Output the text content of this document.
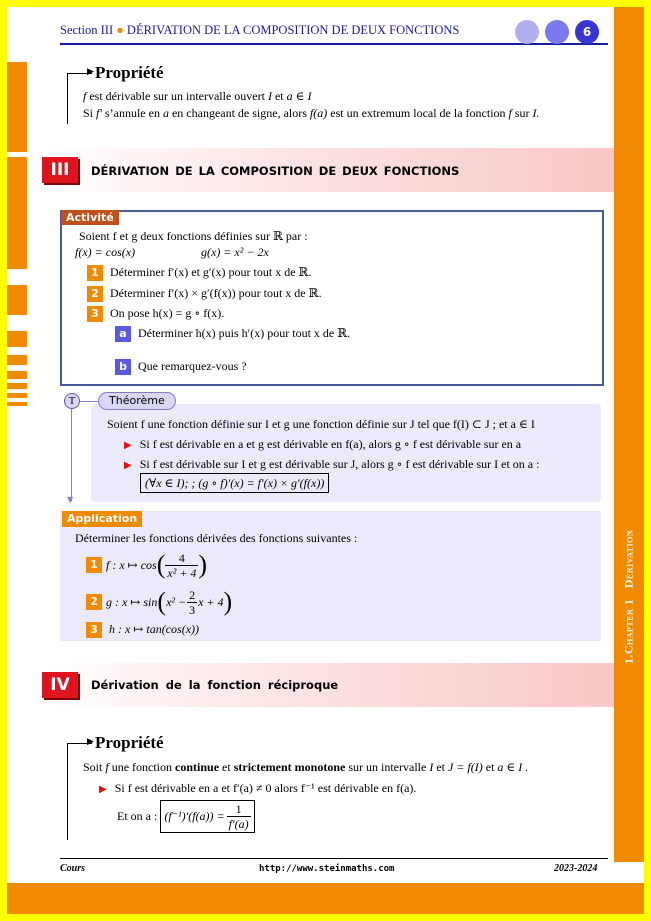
1.Chapter 1   Dérivation
Section III ● DÉRIVATION DE LA COMPOSITION DE DEUX FONCTIONS	6
▶ Propriété
f est dérivable sur un intervalle ouvert I et a ∈ I
Si f′ s’annule en a en changeant de signe, alors f(a) est un extremum local de la fonction f sur I.
III	DÉRIVATION DE LA COMPOSITION DE DEUX FONCTIONS
Activité
Soient f et g deux fonctions définies sur ℝ par :
f(x) = cos(x)	g(x) = x² − 2x
1 Déterminer f′(x) et g′(x) pour tout x de ℝ.
2 Déterminer f′(x) × g′(f(x)) pour tout x de ℝ.
3 On pose h(x) = g ∘ f(x).
a Déterminer h(x) puis h′(x) pour tout x de ℝ.
b Que remarquez-vous ?
▼
T	Théorème
Soient f une fonction définie sur I et g une fonction définie sur J tel que f(I) ⊂ J ; et a ∈ I
▶ Si f est dérivable en a et g est dérivable en f(a), alors g ∘ f est dérivable sur en a
▶ Si f est dérivable sur I et g est dérivable sur J, alors g ∘ f est dérivable sur I et on a :
(∀x ∈ I); ; (g ∘ f)′(x) = f′(x) × g′(f(x))
Application
Déterminer les fonctions dérivées des fonctions suivantes :
1 f : x ↦ cos ( $\frac{4}{\text{x² + 4}}$ )
2 g : x ↦ sin ( $x^2 - \frac{2}{3}$ x + 4 )
3 h : x ↦ tan(cos(x))
IV	Dérivation de la fonction réciproque
▶ Propriété
Soit f une fonction continue et strictement monotone sur un intervalle I et J = f(I) et a ∈ I .
▶ Si f est dérivable en a et f′(a) ≠ 0 alors f⁻¹ est dérivable en f(a).
Et on a : $(f^{-1})'(f(a)) = \frac{1}{f'(a)}$
Cours	http://www.steinmaths.com	2023-2024
